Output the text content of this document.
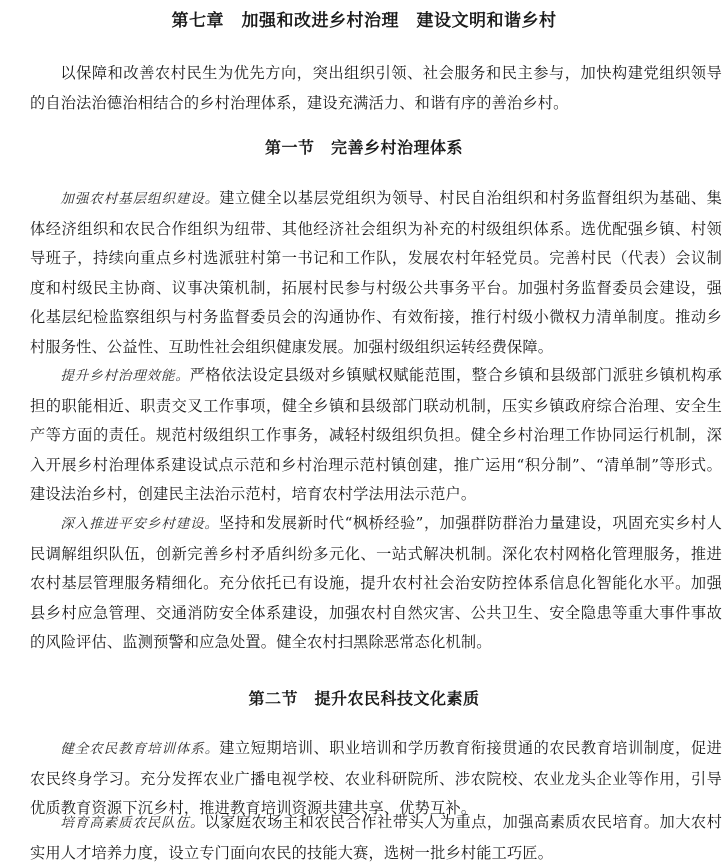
第七章　加强和改进乡村治理　建设文明和谐乡村

以保障和改善农村民生为优先方向，突出组织引领、社会服务和民主参与，加快构建党组织领导的自治法治德治相结合的乡村治理体系，建设充满活力、和谐有序的善治乡村。

第一节　完善乡村治理体系

加强农村基层组织建设。建立健全以基层党组织为领导、村民自治组织和村务监督组织为基础、集体经济组织和农民合作组织为纽带、其他经济社会组织为补充的村级组织体系。选优配强乡镇、村领导班子，持续向重点乡村选派驻村第一书记和工作队，发展农村年轻党员。完善村民（代表）会议制度和村级民主协商、议事决策机制，拓展村民参与村级公共事务平台。加强村务监督委员会建设，强化基层纪检监察组织与村务监督委员会的沟通协作、有效衔接，推行村级小微权力清单制度。推动乡村服务性、公益性、互助性社会组织健康发展。加强村级组织运转经费保障。

提升乡村治理效能。严格依法设定县级对乡镇赋权赋能范围，整合乡镇和县级部门派驻乡镇机构承担的职能相近、职责交叉工作事项，健全乡镇和县级部门联动机制，压实乡镇政府综合治理、安全生产等方面的责任。规范村级组织工作事务，减轻村级组织负担。健全乡村治理工作协同运行机制，深入开展乡村治理体系建设试点示范和乡村治理示范村镇创建，推广运用“积分制”、“清单制”等形式。建设法治乡村，创建民主法治示范村，培育农村学法用法示范户。

深入推进平安乡村建设。坚持和发展新时代“枫桥经验”，加强群防群治力量建设，巩固充实乡村人民调解组织队伍，创新完善乡村矛盾纠纷多元化、一站式解决机制。深化农村网格化管理服务，推进农村基层管理服务精细化。充分依托已有设施，提升农村社会治安防控体系信息化智能化水平。加强县乡村应急管理、交通消防安全体系建设，加强农村自然灾害、公共卫生、安全隐患等重大事件事故的风险评估、监测预警和应急处置。健全农村扫黑除恶常态化机制。

第二节　提升农民科技文化素质

健全农民教育培训体系。建立短期培训、职业培训和学历教育衔接贯通的农民教育培训制度，促进农民终身学习。充分发挥农业广播电视学校、农业科研院所、涉农院校、农业龙头企业等作用，引导优质教育资源下沉乡村，推进教育培训资源共建共享、优势互补。

培育高素质农民队伍。以家庭农场主和农民合作社带头人为重点，加强高素质农民培育。加大农村实用人才培养力度，设立专门面向农民的技能大赛，选树一批乡村能工巧匠。
